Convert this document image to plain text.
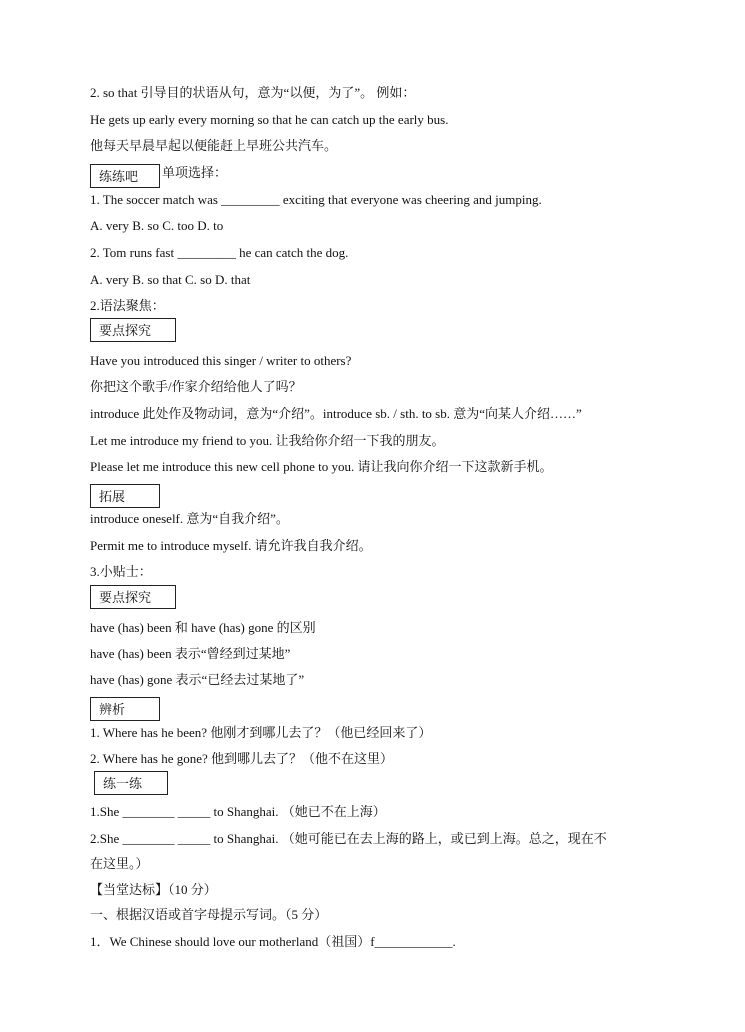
2. so that 引导目的状语从句，意为“以便，为了”。 例如：
He gets up early every morning so that he can catch up the early bus.
他每天早晨早起以便能赶上早班公共汽车。
练练吧	单项选择：
1. The soccer match was _________ exciting that everyone was cheering and jumping.
A. very B. so C. too D. to
2. Tom runs fast _________ he can catch the dog.
A. very B. so that C. so D. that
2.语法聚焦：
要点探究
Have you introduced this singer / writer to others?
你把这个歌手/作家介绍给他人了吗？
introduce 此处作及物动词，意为“介绍”。introduce sb. / sth. to sb. 意为“向某人介绍……”
Let me introduce my friend to you. 让我给你介绍一下我的朋友。
Please let me introduce this new cell phone to you. 请让我向你介绍一下这款新手机。
拓展
introduce oneself. 意为“自我介绍”。
Permit me to introduce myself. 请允许我自我介绍。
3.小贴士：
要点探究
have (has) been 和 have (has) gone 的区别
have (has) been 表示“曾经到过某地”
have (has) gone 表示“已经去过某地了”
辨析
1. Where has he been? 他刚才到哪儿去了？（他已经回来了）
2. Where has he gone? 他到哪儿去了？（他不在这里）
练一练
1.She ________ _____ to Shanghai. （她已不在上海）
2.She ________ _____ to Shanghai. （她可能已在去上海的路上，或已到上海。总之，现在不
在这里。）
【当堂达标】（10 分）
一、根据汉语或首字母提示写词。（5 分）
1．We Chinese should love our motherland（祖国）f____________.
